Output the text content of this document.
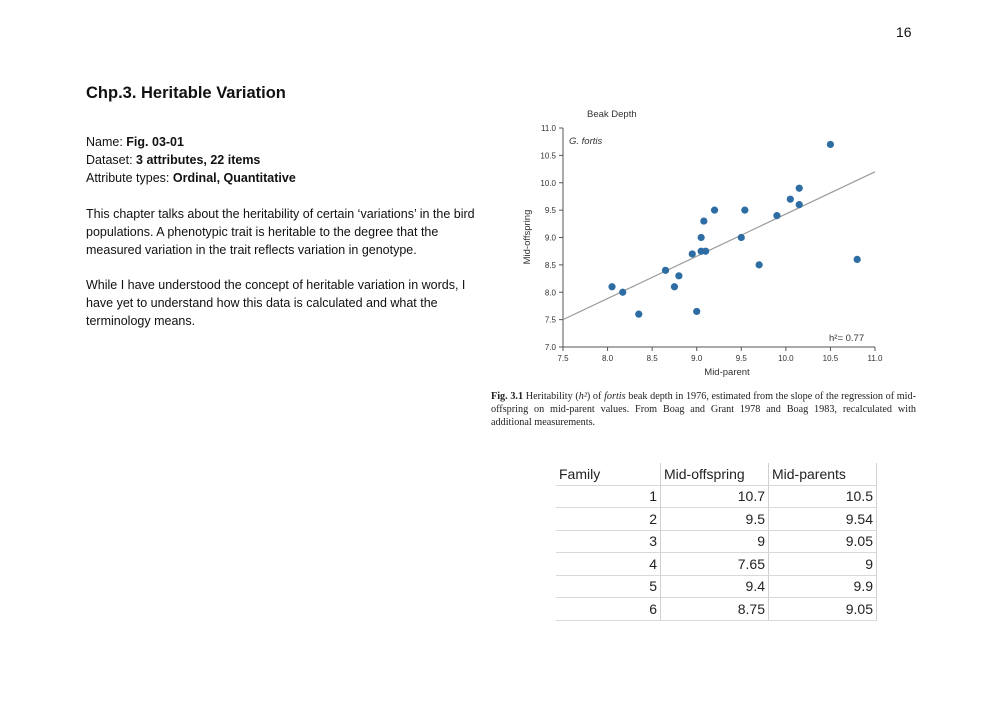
16
Chp.3. Heritable Variation
Name: Fig. 03-01
Dataset: 3 attributes, 22 items
Attribute types: Ordinal, Quantitative

This chapter talks about the heritability of certain ‘variations’ in the bird populations. A phenotypic trait is heritable to the degree that the measured variation in the trait reflects variation in genotype.

While I have understood the concept of heritable variation in words, I have yet to understand how this data is calculated and what the terminology means.

Beak Depth
7.5	8.0	8.5	9.0	9.5	10.0	10.5	11.0
7.0
7.5
8.0
8.5
9.0
9.5
10.0
10.5
11.0
G. fortis
h²= 0.77
Mid-parent
Mid-offspring
Fig. 3.1 Heritability (h²) of fortis beak depth in 1976, estimated from the slope of the regression of mid-offspring on mid-parent values. From Boag and Grant 1978 and Boag 1983, recalculated with additional measurements.
Family	Mid-offspring	Mid-parents
1	10.7	10.5
2	9.5	9.54
3	9	9.05
4	7.65	9
5	9.4	9.9
6	8.75	9.05
